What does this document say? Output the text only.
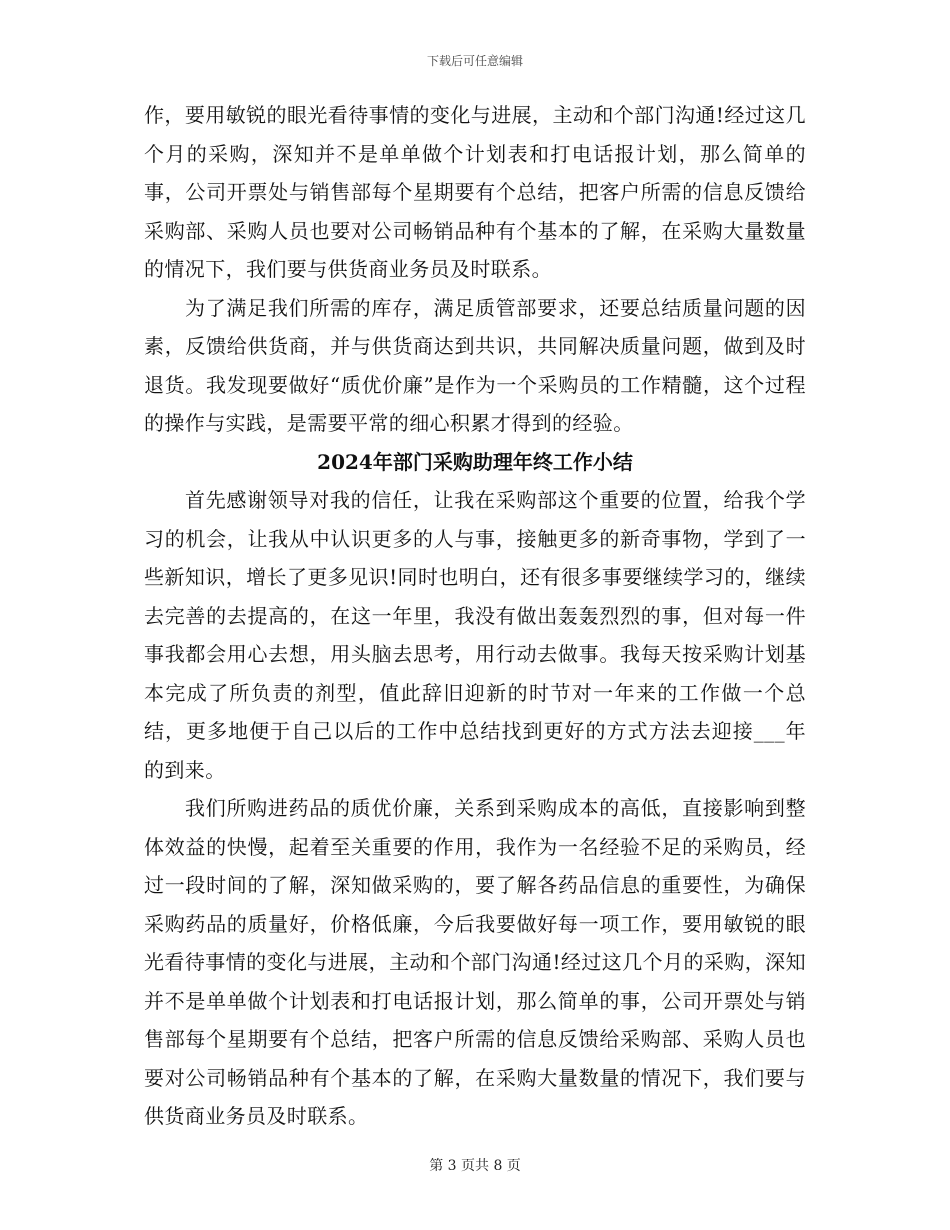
下载后可任意编辑

作，要用敏锐的眼光看待事情的变化与进展，主动和个部门沟通!经过这几个月的采购，深知并不是单单做个计划表和打电话报计划，那么简单的事，公司开票处与销售部每个星期要有个总结，把客户所需的信息反馈给采购部、采购人员也要对公司畅销品种有个基本的了解，在采购大量数量的情况下，我们要与供货商业务员及时联系。

为了满足我们所需的库存，满足质管部要求，还要总结质量问题的因素，反馈给供货商，并与供货商达到共识，共同解决质量问题，做到及时退货。我发现要做好“质优价廉”是作为一个采购员的工作精髓，这个过程的操作与实践，是需要平常的细心积累才得到的经验。

2024年部门采购助理年终工作小结

首先感谢领导对我的信任，让我在采购部这个重要的位置，给我个学习的机会，让我从中认识更多的人与事，接触更多的新奇事物，学到了一些新知识，增长了更多见识!同时也明白，还有很多事要继续学习的，继续去完善的去提高的，在这一年里，我没有做出轰轰烈烈的事，但对每一件事我都会用心去想，用头脑去思考，用行动去做事。我每天按采购计划基本完成了所负责的剂型，值此辞旧迎新的时节对一年来的工作做一个总结，更多地便于自己以后的工作中总结找到更好的方式方法去迎接___年的到来。

我们所购进药品的质优价廉，关系到采购成本的高低，直接影响到整体效益的快慢，起着至关重要的作用，我作为一名经验不足的采购员，经过一段时间的了解，深知做采购的，要了解各药品信息的重要性，为确保采购药品的质量好，价格低廉，今后我要做好每一项工作，要用敏锐的眼光看待事情的变化与进展，主动和个部门沟通!经过这几个月的采购，深知并不是单单做个计划表和打电话报计划，那么简单的事，公司开票处与销售部每个星期要有个总结，把客户所需的信息反馈给采购部、采购人员也要对公司畅销品种有个基本的了解，在采购大量数量的情况下，我们要与供货商业务员及时联系。

第 3 页共 8 页
